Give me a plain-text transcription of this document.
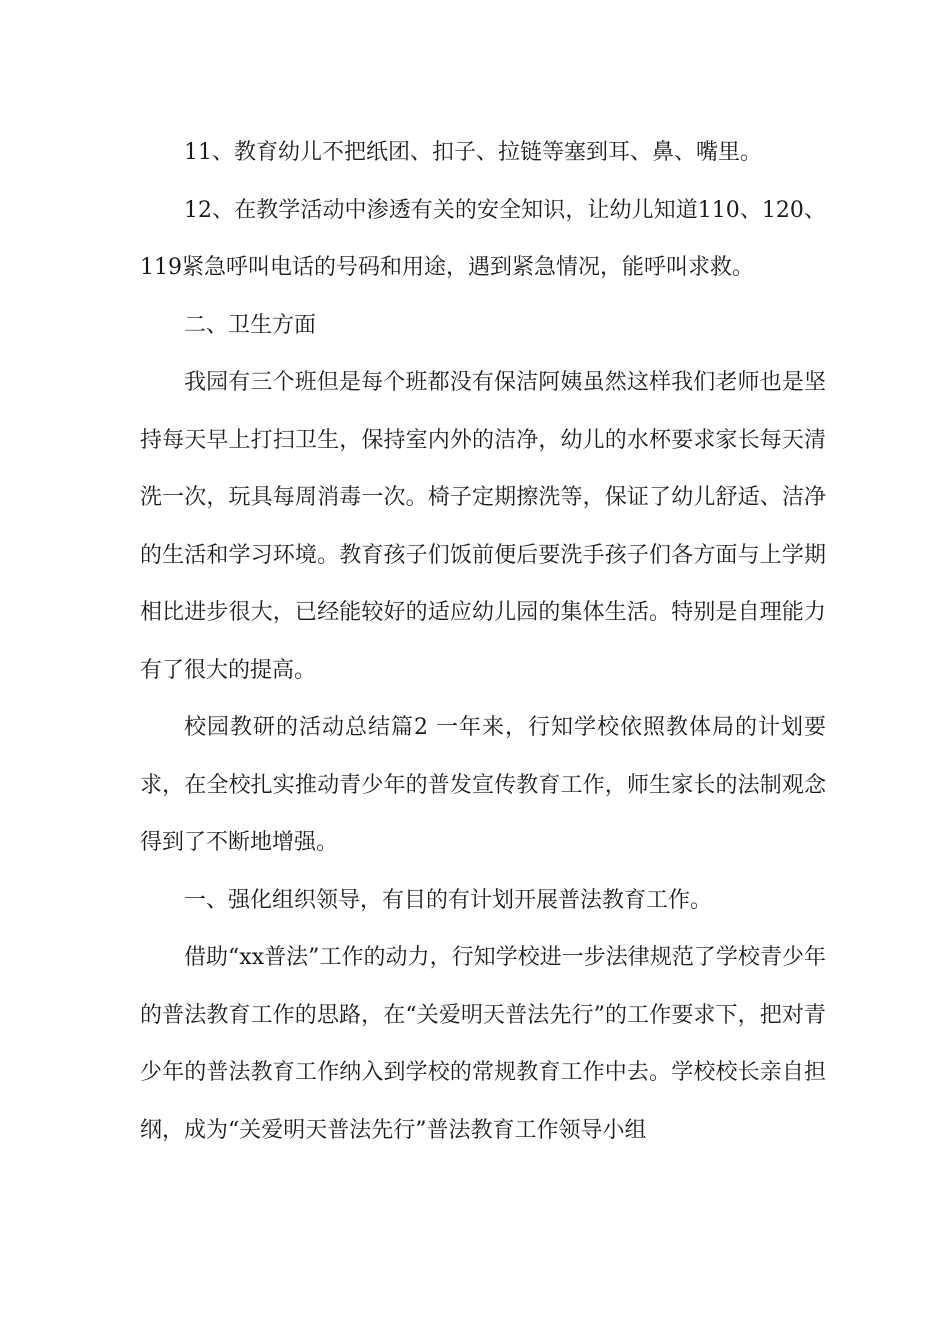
11、教育幼儿不把纸团、扣子、拉链等塞到耳、鼻、嘴里。

12、在教学活动中渗透有关的安全知识，让幼儿知道110、120、119紧急呼叫电话的号码和用途，遇到紧急情况，能呼叫求救。

二、卫生方面

我园有三个班但是每个班都没有保洁阿姨虽然这样我们老师也是坚持每天早上打扫卫生，保持室内外的洁净，幼儿的水杯要求家长每天清洗一次，玩具每周消毒一次。椅子定期擦洗等，保证了幼儿舒适、洁净的生活和学习环境。教育孩子们饭前便后要洗手孩子们各方面与上学期相比进步很大，已经能较好的适应幼儿园的集体生活。特别是自理能力有了很大的提高。

校园教研的活动总结篇2 一年来，行知学校依照教体局的计划要求，在全校扎实推动青少年的普发宣传教育工作，师生家长的法制观念得到了不断地增强。

一、强化组织领导，有目的有计划开展普法教育工作。

借助“xx普法”工作的动力，行知学校进一步法律规范了学校青少年的普法教育工作的思路，在“关爱明天普法先行”的工作要求下，把对青少年的普法教育工作纳入到学校的常规教育工作中去。学校校长亲自担纲，成为“关爱明天普法先行”普法教育工作领导小组
